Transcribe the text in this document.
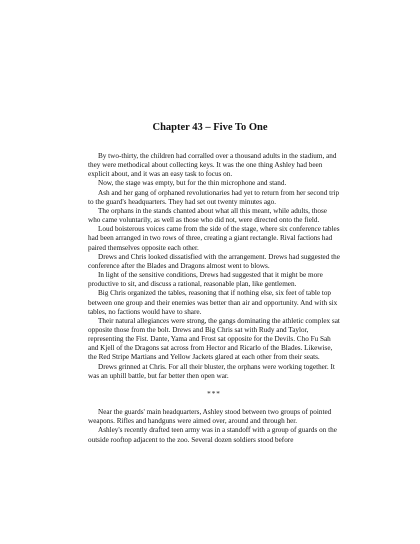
Chapter 43 – Five To One

By two-thirty, the children had corralled over a thousand adults in the stadium, and they were methodical about collecting keys. It was the one thing Ashley had been explicit about, and it was an easy task to focus on.

Now, the stage was empty, but for the thin microphone and stand.

Ash and her gang of orphaned revolutionaries had yet to return from her second trip to the guard's headquarters. They had set out twenty minutes ago.

The orphans in the stands chanted about what all this meant, while adults, those who came voluntarily, as well as those who did not, were directed onto the field.

Loud boisterous voices came from the side of the stage, where six conference tables had been arranged in two rows of three, creating a giant rectangle. Rival factions had paired themselves opposite each other.

Drews and Chris looked dissatisfied with the arrangement. Drews had suggested the conference after the Blades and Dragons almost went to blows.

In light of the sensitive conditions, Drews had suggested that it might be more productive to sit, and discuss a rational, reasonable plan, like gentlemen.

Big Chris organized the tables, reasoning that if nothing else, six feet of table top between one group and their enemies was better than air and opportunity. And with six tables, no factions would have to share.

Their natural allegiances were strong, the gangs dominating the athletic complex sat opposite those from the bolt. Drews and Big Chris sat with Rudy and Taylor, representing the Fist. Dante, Yama and Frost sat opposite for the Devils. Cho Fu Sah and Kjell of the Dragons sat across from Hector and Ricarlo of the Blades. Likewise, the Red Stripe Martians and Yellow Jackets glared at each other from their seats.

Drews grinned at Chris. For all their bluster, the orphans were working together. It was an uphill battle, but far better then open war.

***

Near the guards' main headquarters, Ashley stood between two groups of pointed weapons. Rifles and handguns were aimed over, around and through her.

Ashley's recently drafted teen army was in a standoff with a group of guards on the outside rooftop adjacent to the zoo. Several dozen soldiers stood before
